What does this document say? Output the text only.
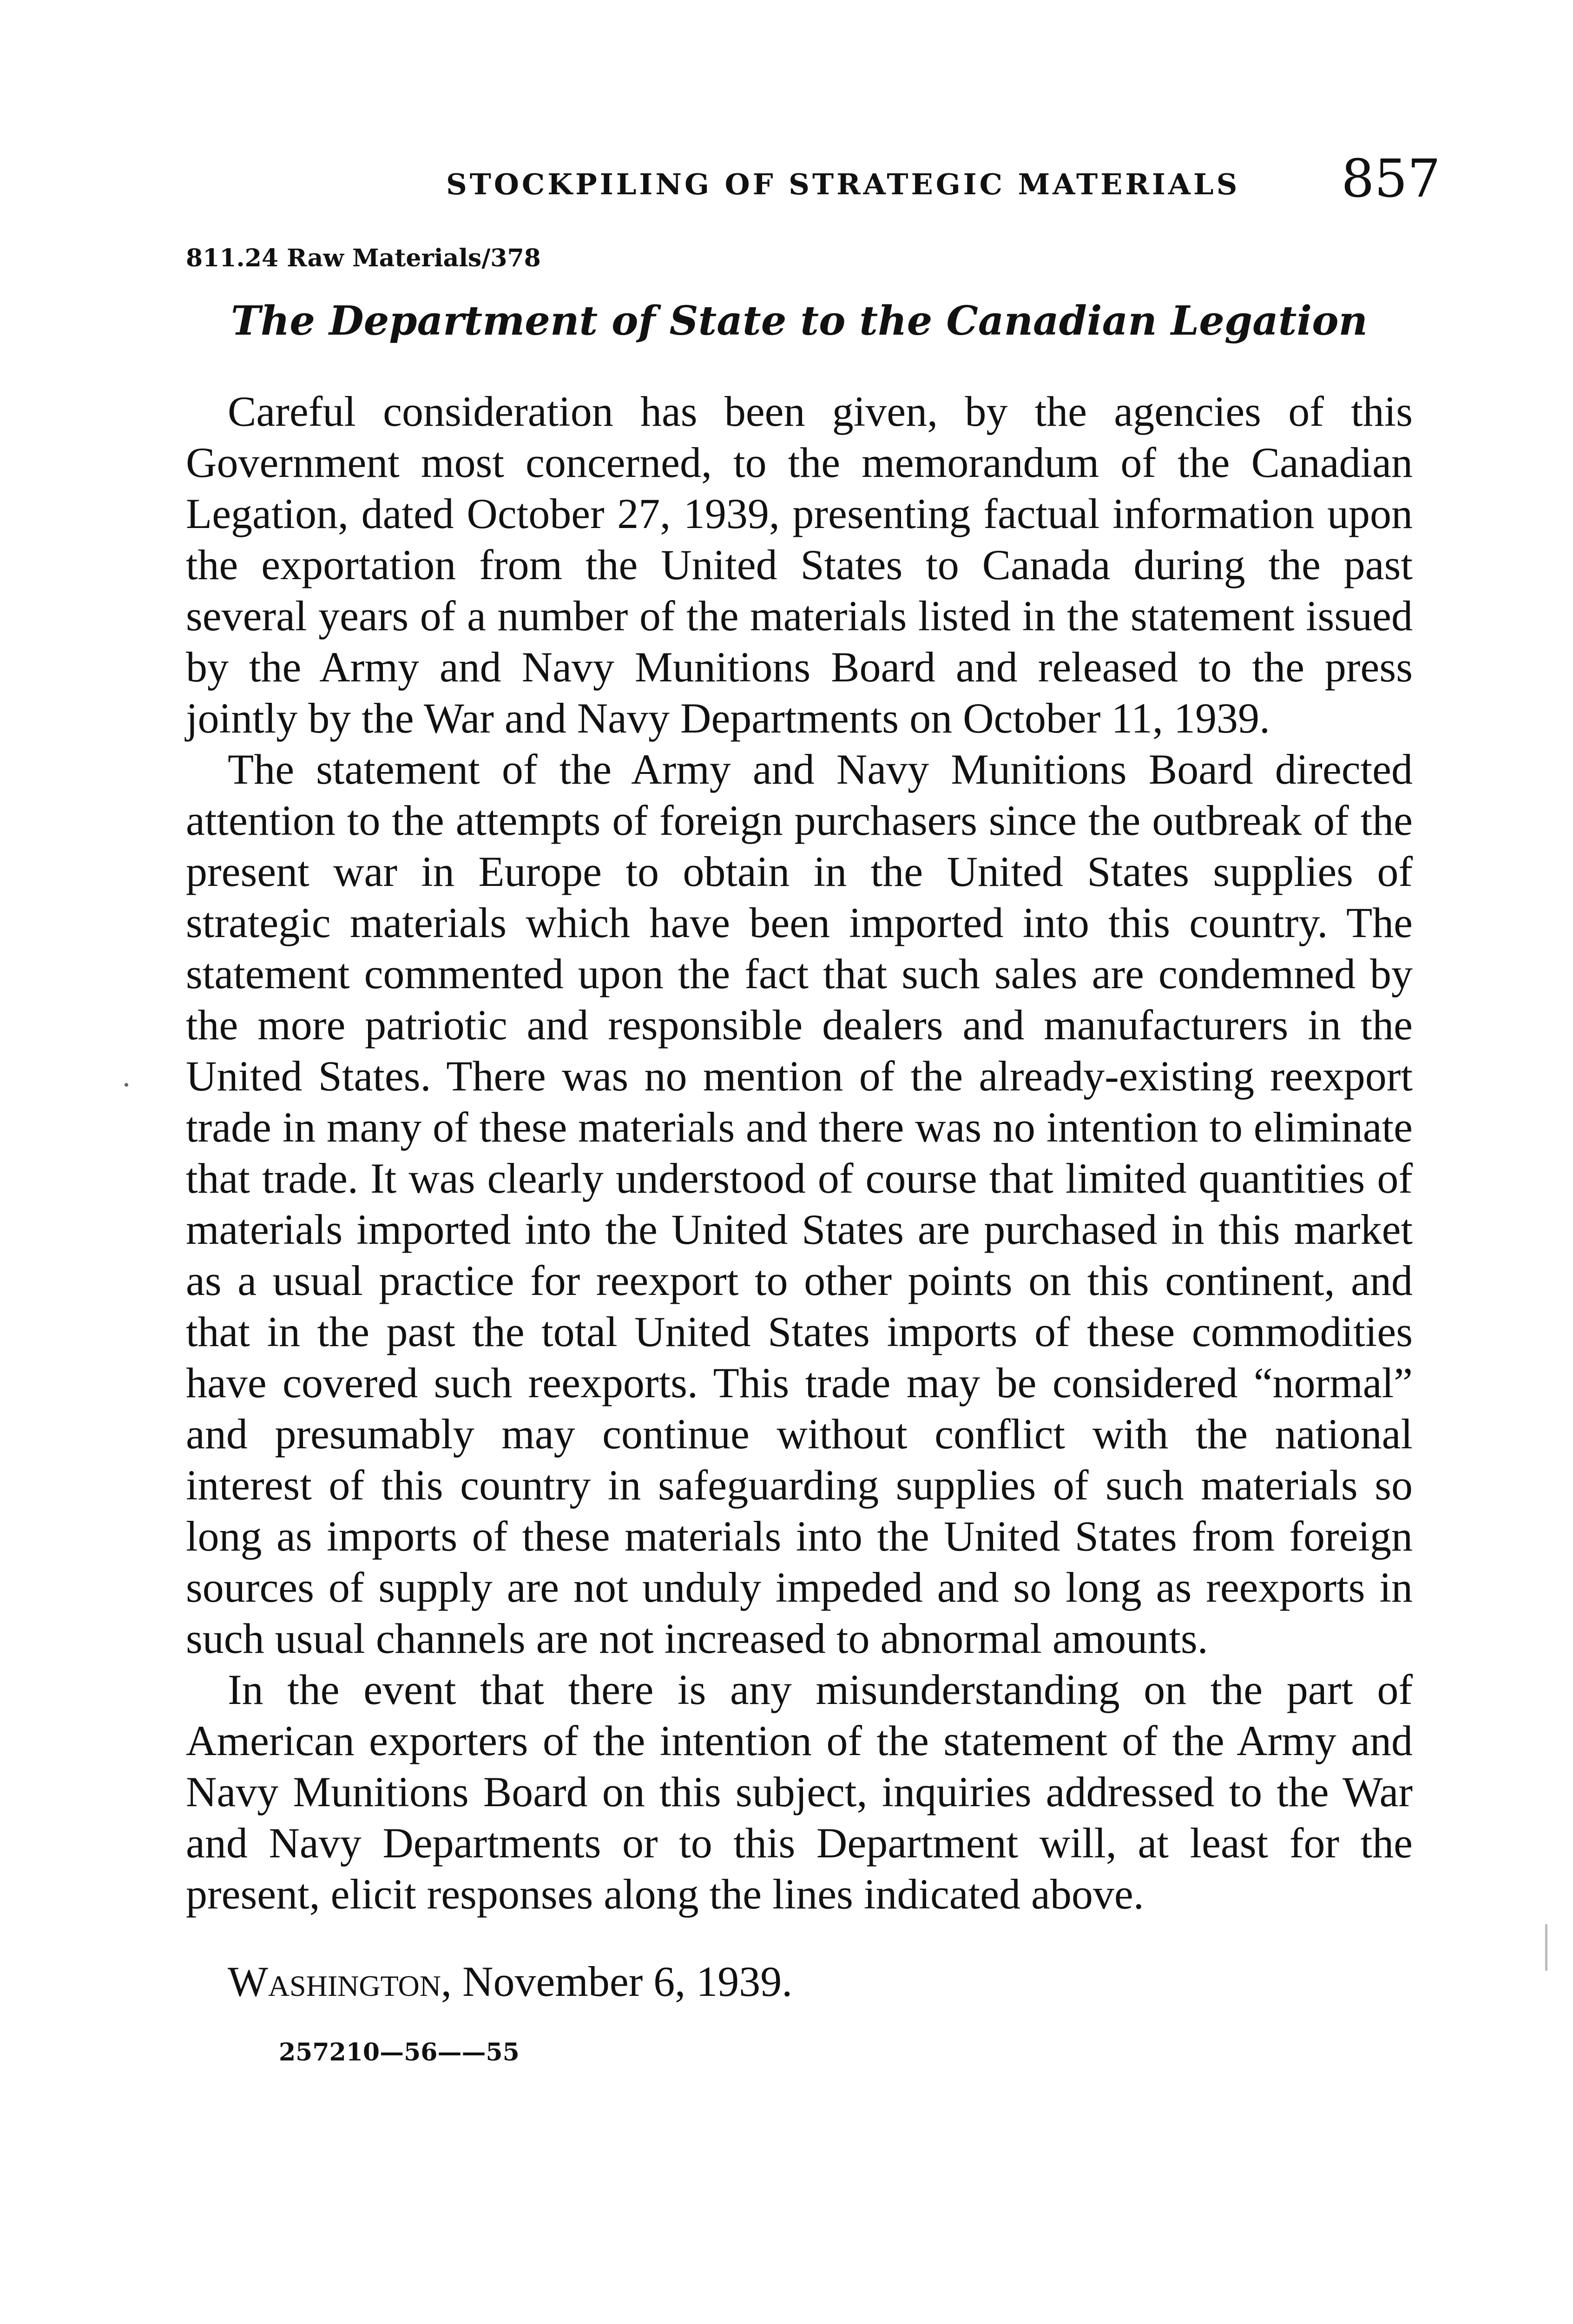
STOCKPILING OF STRATEGIC MATERIALS 857
811.24 Raw Materials/378
The Department of State to the Canadian Legation

Careful consideration has been given, by the agencies of this Government most concerned, to the memorandum of the Canadian Legation, dated October 27, 1939, presenting factual information upon the exportation from the United States to Canada during the past several years of a number of the materials listed in the statement issued by the Army and Navy Munitions Board and released to the press jointly by the War and Navy Departments on October 11, 1939.

The statement of the Army and Navy Munitions Board directed attention to the attempts of foreign purchasers since the outbreak of the present war in Europe to obtain in the United States supplies of strategic materials which have been imported into this country. The statement commented upon the fact that such sales are condemned by the more patriotic and responsible dealers and manufacturers in the United States. There was no mention of the already-existing reexport trade in many of these materials and there was no intention to eliminate that trade. It was clearly understood of course that limited quantities of materials imported into the United States are purchased in this market as a usual practice for reexport to other points on this continent, and that in the past the total United States imports of these commodities have covered such reexports. This trade may be considered “normal” and presumably may continue without conflict with the national interest of this country in safeguarding supplies of such materials so long as imports of these materials into the United States from foreign sources of supply are not unduly impeded and so long as reexports in such usual channels are not increased to abnormal amounts.

In the event that there is any misunderstanding on the part of American exporters of the intention of the statement of the Army and Navy Munitions Board on this subject, inquiries addressed to the War and Navy Departments or to this Department will, at least for the present, elicit responses along the lines indicated above.

Washington, November 6, 1939.
257210—56——55
